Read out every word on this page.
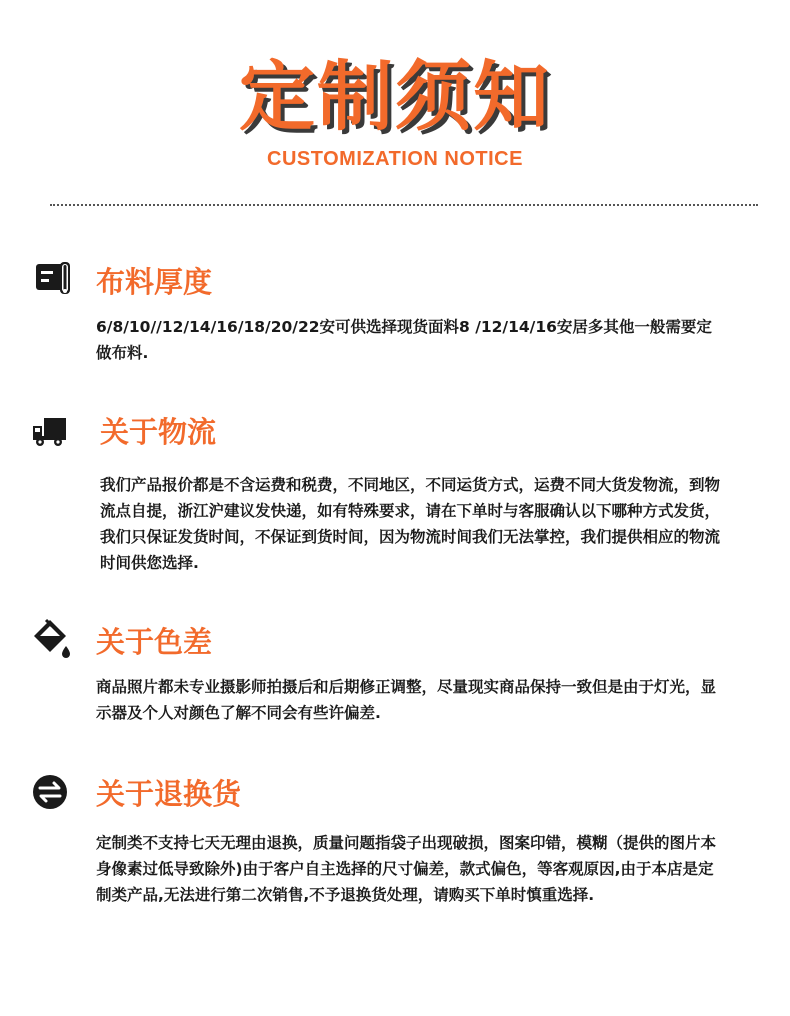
定制须知
CUSTOMIZATION NOTICE
布料厚度
6/8/10//12/14/16/18/20/22安可供选择现货面料8 /12/14/16安居多其他一般需要定做布料.
关于物流
我们产品报价都是不含运费和税费，不同地区，不同运货方式，运费不同大货发物流，到物流点自提，浙江沪建议发快递，如有特殊要求，请在下单时与客服确认以下哪种方式发货，我们只保证发货时间，不保证到货时间，因为物流时间我们无法掌控，我们提供相应的物流时间供您选择.
关于色差
商品照片都未专业摄影师拍摄后和后期修正调整，尽量现实商品保持一致但是由于灯光，显示器及个人对颜色了解不同会有些许偏差.
关于退换货
定制类不支持七天无理由退换，质量问题指袋子出现破损，图案印错，模糊（提供的图片本身像素过低导致除外)由于客户自主选择的尺寸偏差，款式偏色，等客观原因,由于本店是定制类产品,无法进行第二次销售,不予退换货处理，请购买下单时慎重选择.
